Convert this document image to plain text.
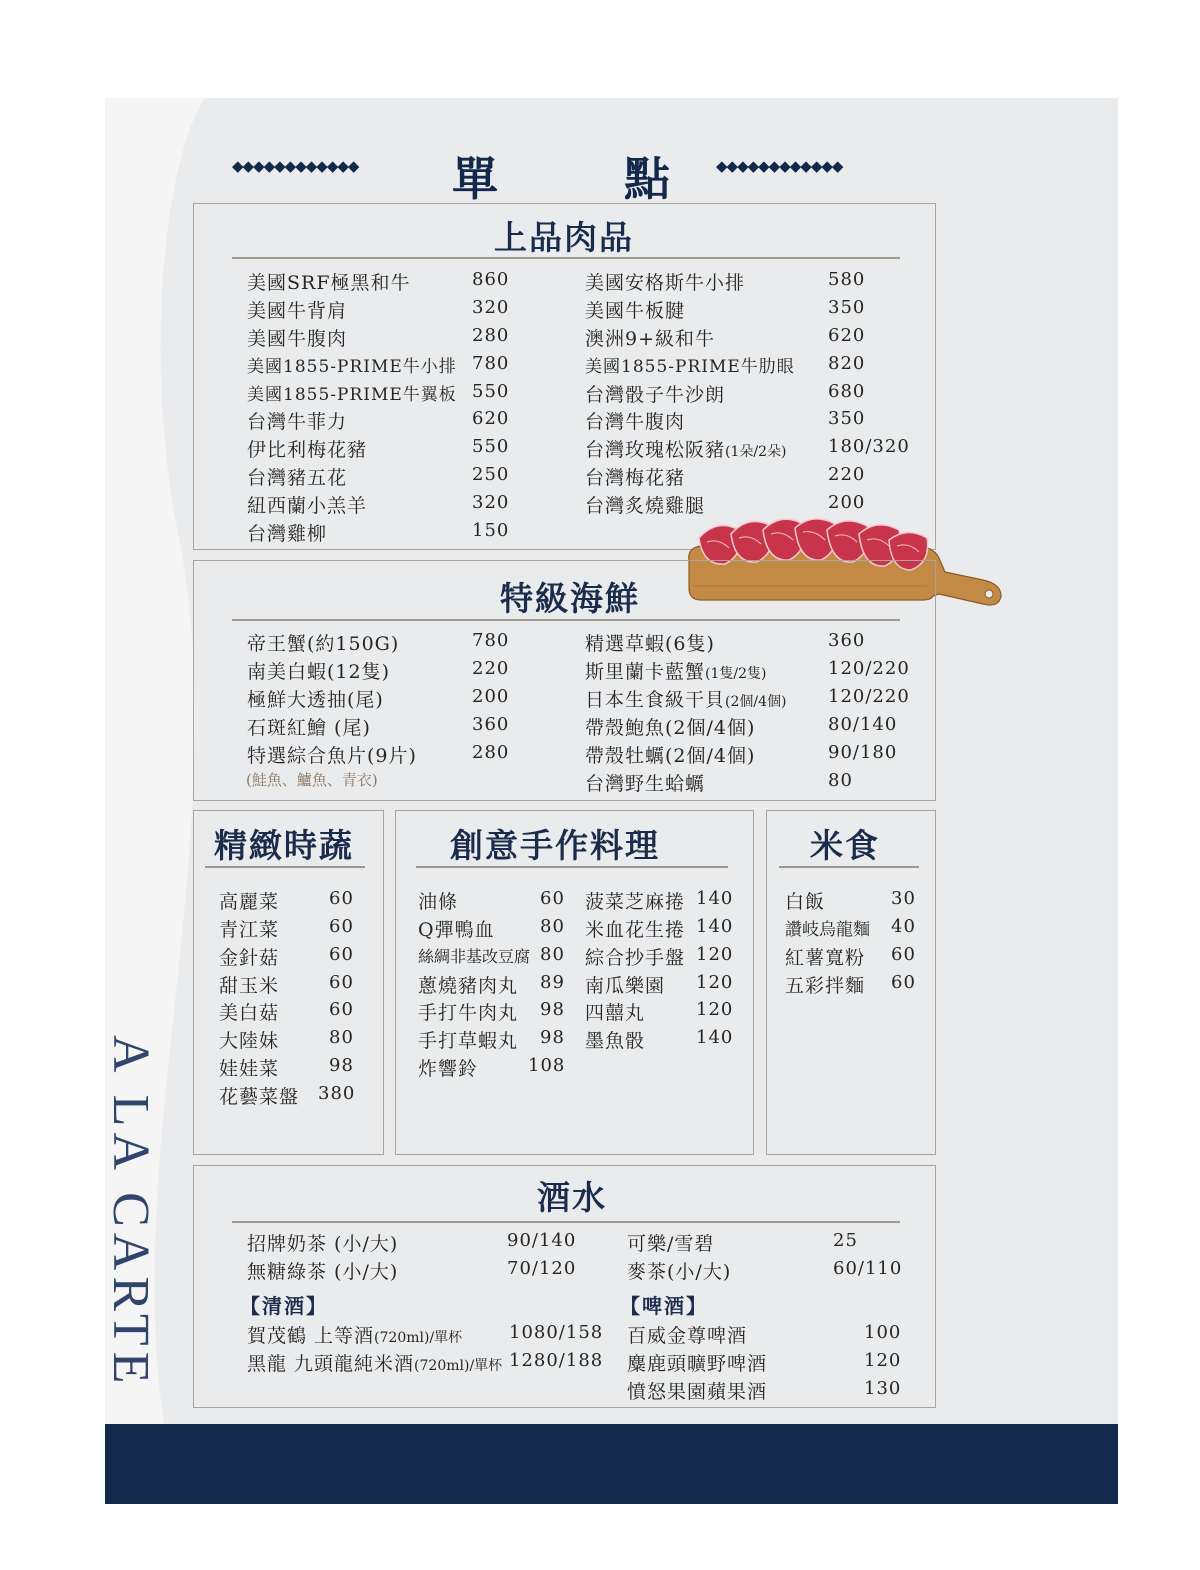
A LA CARTE
◆◆◆◆◆◆◆◆◆◆◆◆	◆◆◆◆◆◆◆◆◆◆◆◆
單	點
上品肉品
美國SRF極黑和牛	860
美國牛背肩	320
美國牛腹肉	280
美國1855-PRIME牛小排 780
美國1855-PRIME牛翼板 550
台灣牛菲力	620
伊比利梅花豬	550
台灣豬五花	250
紐西蘭小羔羊	320
台灣雞柳	150
美國安格斯牛小排	580
美國牛板腱	350
澳洲9+級和牛	620
美國1855-PRIME牛肋眼 820
台灣骰子牛沙朗	680
台灣牛腹肉	350
台灣玫瑰松阪豬(1朵/2朵) 180/320
台灣梅花豬	220
台灣炙燒雞腿	200
特級海鮮
帝王蟹(約150G)	780
南美白蝦(12隻)	220
極鮮大透抽(尾)	200
石斑紅鱠 (尾)	360
特選綜合魚片(9片)	280
(鮭魚、鱸魚、青衣)
精選草蝦(6隻)	360
斯里蘭卡藍蟹(1隻/2隻)	120/220
日本生食級干貝(2個/4個) 120/220
帶殼鮑魚(2個/4個)	80/140
帶殼牡蠣(2個/4個)	90/180
台灣野生蛤蠣	80
精緻時蔬
高麗菜	60
青江菜	60
金針菇	60
甜玉米	60
美白菇	60
大陸妹	80
娃娃菜	98
花藝菜盤 380
創意手作料理
油條	60
Q彈鴨血	80
絲綢非基改豆腐 80
蔥燒豬肉丸 89
手打牛肉丸 98
手打草蝦丸 98
炸響鈴	108
菠菜芝麻捲 140
米血花生捲 140
綜合抄手盤 120
南瓜樂園 120
四囍丸	120
墨魚骰	140
米食
白飯	30
讚岐烏龍麵 40
紅薯寬粉 60
五彩拌麵 60
酒水
招牌奶茶 (小/大)	90/140
無糖綠茶 (小/大)	70/120
【清酒】
賀茂鶴 上等酒(720ml)/單杯	1080/158
黑龍 九頭龍純米酒(720ml)/單杯 1280/188
可樂/雪碧	25
麥茶(小/大)	60/110
【啤酒】
百威金尊啤酒	100
麋鹿頭曠野啤酒	120
憤怒果園蘋果酒	130
